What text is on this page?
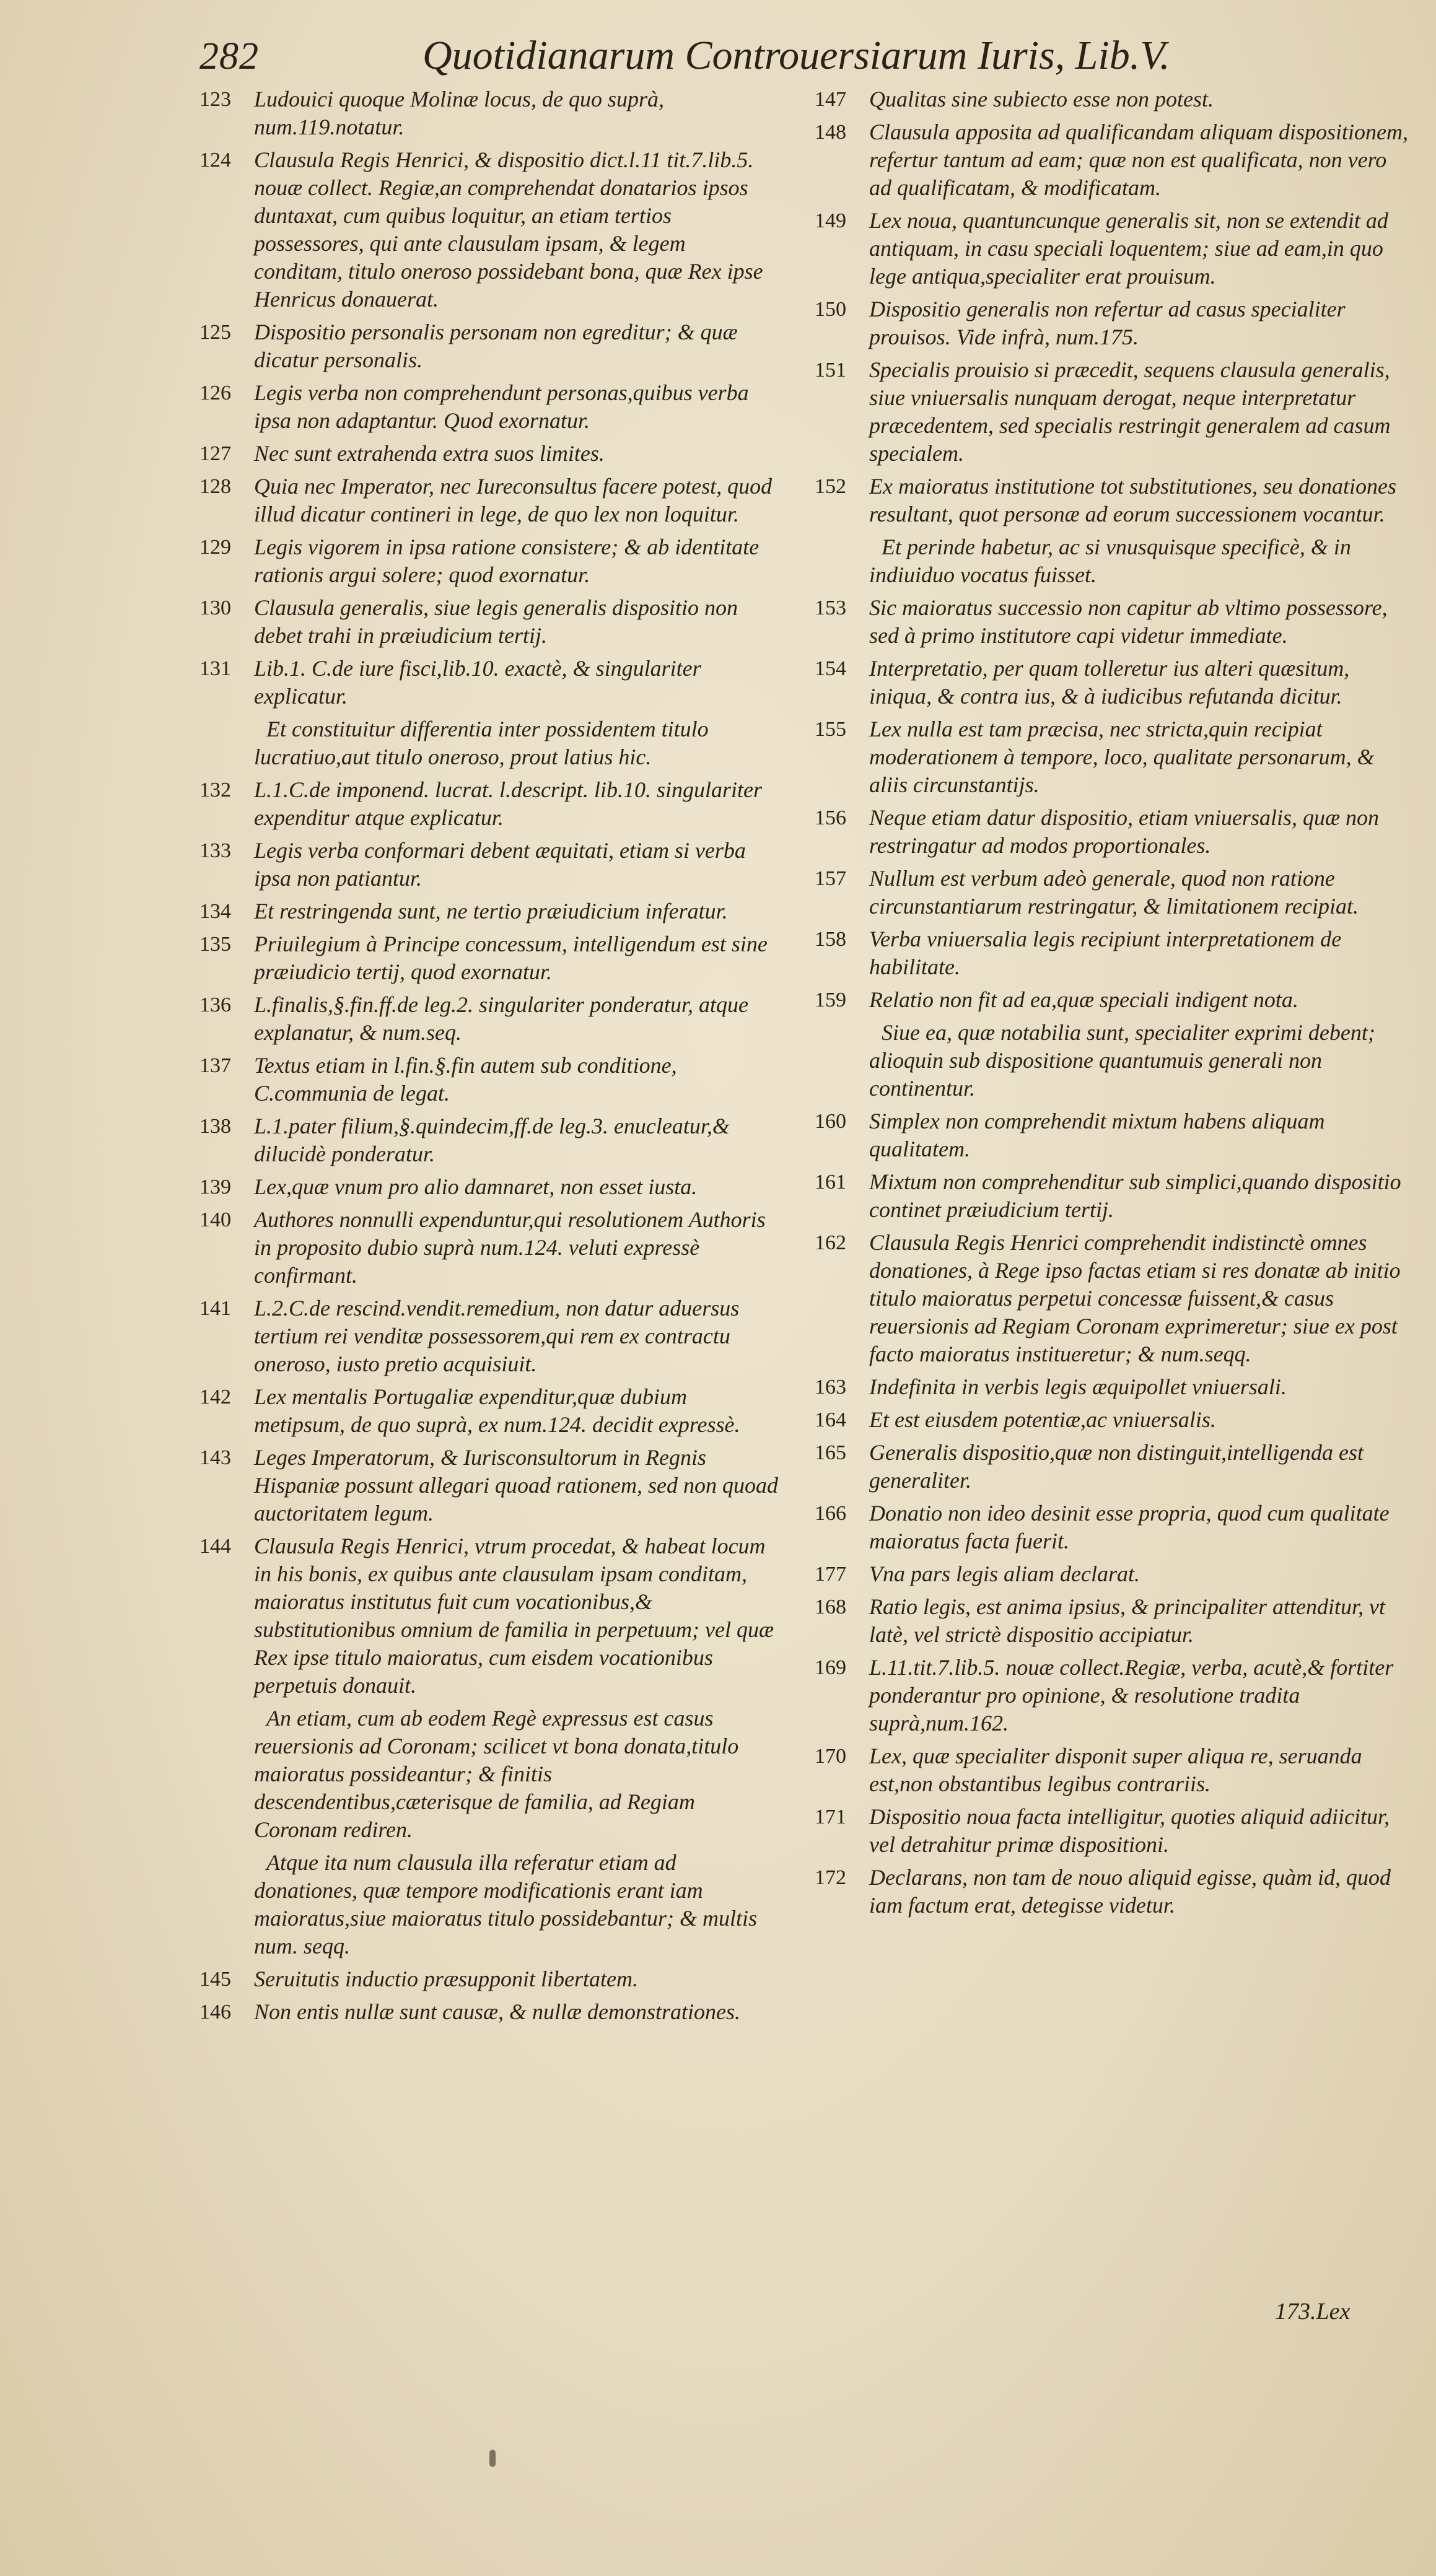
282	Quotidianarum Controuersiarum Iuris, Lib.V.
123	Ludouici quoque Molinæ locus, de quo suprà, num.119.notatur.
124	Clausula Regis Henrici, & dispositio dict.l.11 tit.7.lib.5. nouæ collect. Regiæ,an comprehendat donatarios ipsos duntaxat, cum quibus loquitur, an etiam tertios possessores, qui ante clausulam ipsam, & legem conditam, titulo oneroso possidebant bona, quæ Rex ipse Henricus donauerat.
125	Dispositio personalis personam non egreditur; & quæ dicatur personalis.
126	Legis verba non comprehendunt personas,quibus verba ipsa non adaptantur. Quod exornatur.
127	Nec sunt extrahenda extra suos limites.
128	Quia nec Imperator, nec Iureconsultus facere potest, quod illud dicatur contineri in lege, de quo lex non loquitur.
129	Legis vigorem in ipsa ratione consistere; & ab identitate rationis argui solere; quod exornatur.
130	Clausula generalis, siue legis generalis dispositio non debet trahi in præiudicium tertij.
131	Lib.1. C.de iure fisci,lib.10. exactè, & singulariter explicatur.
Et constituitur differentia inter possidentem titulo lucratiuo,aut titulo oneroso, prout latius hic.
132	L.1.C.de imponend. lucrat. l.descript. lib.10. singulariter expenditur atque explicatur.
133	Legis verba conformari debent æquitati, etiam si verba ipsa non patiantur.
134	Et restringenda sunt, ne tertio præiudicium inferatur.
135	Priuilegium à Principe concessum, intelligendum est sine præiudicio tertij, quod exornatur.
136	L.finalis,§.fin.ff.de leg.2. singulariter ponderatur, atque explanatur, & num.seq.
137	Textus etiam in l.fin.§.fin autem sub conditione, C.communia de legat.
138	L.1.pater filium,§.quindecim,ff.de leg.3. enucleatur,& dilucidè ponderatur.
139	Lex,quæ vnum pro alio damnaret, non esset iusta.
140	Authores nonnulli expenduntur,qui resolutionem Authoris in proposito dubio suprà num.124. veluti expressè confirmant.
141	L.2.C.de rescind.vendit.remedium, non datur aduersus tertium rei venditæ possessorem,qui rem ex contractu oneroso, iusto pretio acquisiuit.
142	Lex mentalis Portugaliæ expenditur,quæ dubium metipsum, de quo suprà, ex num.124. decidit expressè.
143	Leges Imperatorum, & Iurisconsultorum in Regnis Hispaniæ possunt allegari quoad rationem, sed non quoad auctoritatem legum.
144	Clausula Regis Henrici, vtrum procedat, & habeat locum in his bonis, ex quibus ante clausulam ipsam conditam, maioratus institutus fuit cum vocationibus,& substitutionibus omnium de familia in perpetuum; vel quæ Rex ipse titulo maioratus, cum eisdem vocationibus perpetuis donauit.
An etiam, cum ab eodem Regè expressus est casus reuersionis ad Coronam; scilicet vt bona donata,titulo maioratus possideantur; & finitis descendentibus,cæterisque de familia, ad Regiam Coronam rediren.
Atque ita num clausula illa referatur etiam ad donationes, quæ tempore modificationis erant iam maioratus,siue maioratus titulo possidebantur; & multis num. seqq.
145	Seruitutis inductio præsupponit libertatem.
146	Non entis nullæ sunt causæ, & nullæ demonstrationes.
147	Qualitas sine subiecto esse non potest.
148	Clausula apposita ad qualificandam aliquam dispositionem, refertur tantum ad eam; quæ non est qualificata, non vero ad qualificatam, & modificatam.
149	Lex noua, quantuncunque generalis sit, non se extendit ad antiquam, in casu speciali loquentem; siue ad eam,in quo lege antiqua,specialiter erat prouisum.
150	Dispositio generalis non refertur ad casus specialiter prouisos. Vide infrà, num.175.
151	Specialis prouisio si præcedit, sequens clausula generalis, siue vniuersalis nunquam derogat, neque interpretatur præcedentem, sed specialis restringit generalem ad casum specialem.
152	Ex maioratus institutione tot substitutiones, seu donationes resultant, quot personæ ad eorum successionem vocantur.
Et perinde habetur, ac si vnusquisque specificè, & in indiuiduo vocatus fuisset.
153	Sic maioratus successio non capitur ab vltimo possessore, sed à primo institutore capi videtur immediate.
154	Interpretatio, per quam tolleretur ius alteri quæsitum, iniqua, & contra ius, & à iudicibus refutanda dicitur.
155	Lex nulla est tam præcisa, nec stricta,quin recipiat moderationem à tempore, loco, qualitate personarum, & aliis circunstantijs.
156	Neque etiam datur dispositio, etiam vniuersalis, quæ non restringatur ad modos proportionales.
157	Nullum est verbum adeò generale, quod non ratione circunstantiarum restringatur, & limitationem recipiat.
158	Verba vniuersalia legis recipiunt interpretationem de habilitate.
159	Relatio non fit ad ea,quæ speciali indigent nota.
Siue ea, quæ notabilia sunt, specialiter exprimi debent; alioquin sub dispositione quantumuis generali non continentur.
160	Simplex non comprehendit mixtum habens aliquam qualitatem.
161	Mixtum non comprehenditur sub simplici,quando dispositio continet præiudicium tertij.
162	Clausula Regis Henrici comprehendit indistinctè omnes donationes, à Rege ipso factas etiam si res donatæ ab initio titulo maioratus perpetui concessæ fuissent,& casus reuersionis ad Regiam Coronam exprimeretur; siue ex post facto maioratus institueretur; & num.seqq.
163	Indefinita in verbis legis æquipollet vniuersali.
164	Et est eiusdem potentiæ,ac vniuersalis.
165	Generalis dispositio,quæ non distinguit,intelligenda est generaliter.
166	Donatio non ideo desinit esse propria, quod cum qualitate maioratus facta fuerit.
177	Vna pars legis aliam declarat.
168	Ratio legis, est anima ipsius, & principaliter attenditur, vt latè, vel strictè dispositio accipiatur.
169	L.11.tit.7.lib.5. nouæ collect.Regiæ, verba, acutè,& fortiter ponderantur pro opinione, & resolutione tradita suprà,num.162.
170	Lex, quæ specialiter disponit super aliqua re, seruanda est,non obstantibus legibus contrariis.
171	Dispositio noua facta intelligitur, quoties aliquid adiicitur, vel detrahitur primæ dispositioni.
172	Declarans, non tam de nouo aliquid egisse, quàm id, quod iam factum erat, detegisse videtur.
173.Lex
